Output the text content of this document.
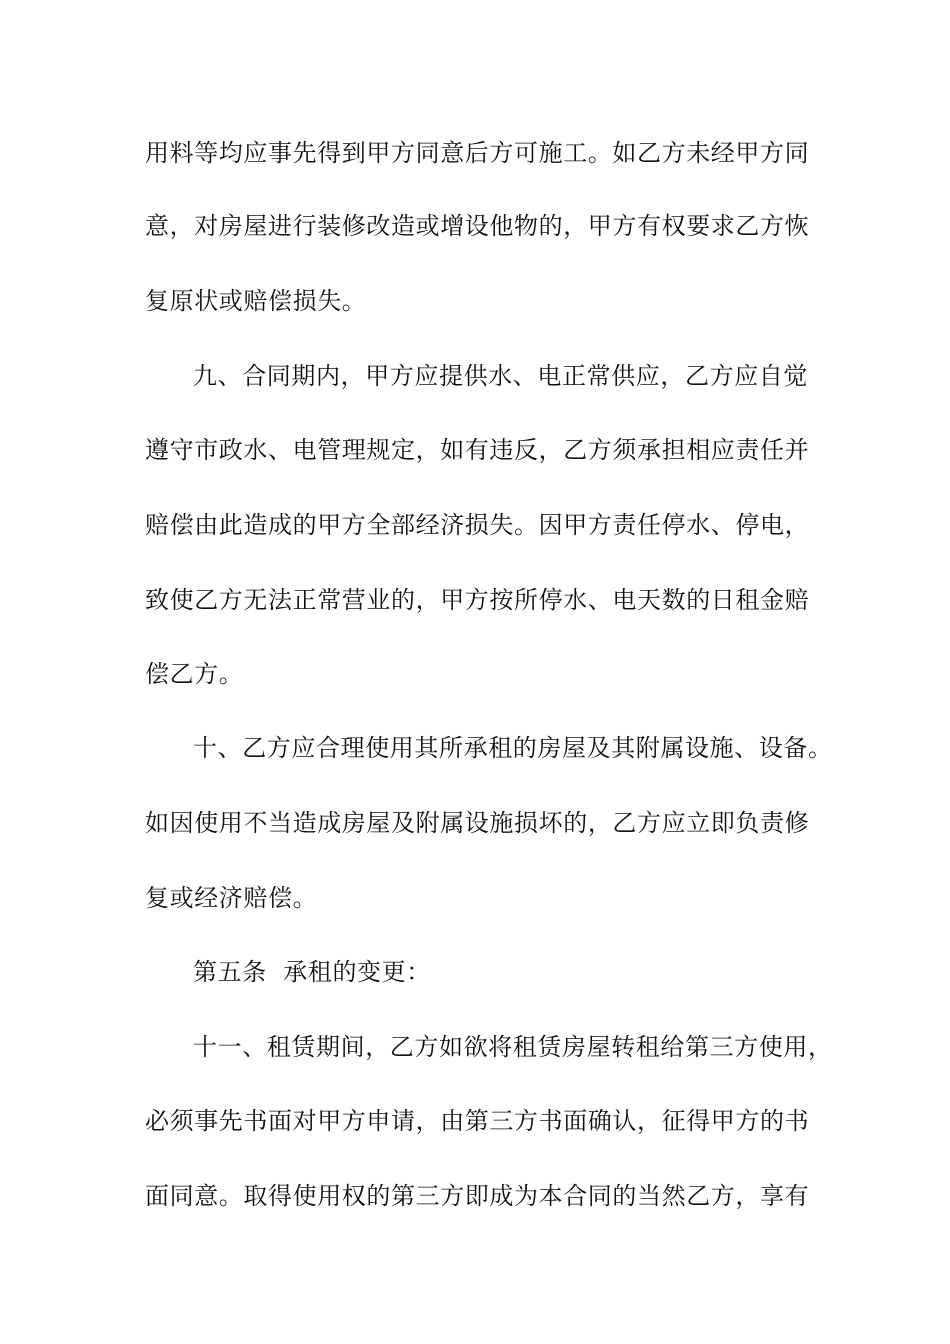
用料等均应事先得到甲方同意后方可施工。如乙方未经甲方同
意，对房屋进行装修改造或增设他物的，甲方有权要求乙方恢
复原状或赔偿损失。
九、合同期内，甲方应提供水、电正常供应，乙方应自觉
遵守市政水、电管理规定，如有违反，乙方须承担相应责任并
赔偿由此造成的甲方全部经济损失。因甲方责任停水、停电，
致使乙方无法正常营业的，甲方按所停水、电天数的日租金赔
偿乙方。
十、乙方应合理使用其所承租的房屋及其附属设施、设备。
如因使用不当造成房屋及附属设施损坏的，乙方应立即负责修
复或经济赔偿。
第五条  承租的变更：
十一、租赁期间，乙方如欲将租赁房屋转租给第三方使用，
必须事先书面对甲方申请，由第三方书面确认，征得甲方的书
面同意。取得使用权的第三方即成为本合同的当然乙方，享有
